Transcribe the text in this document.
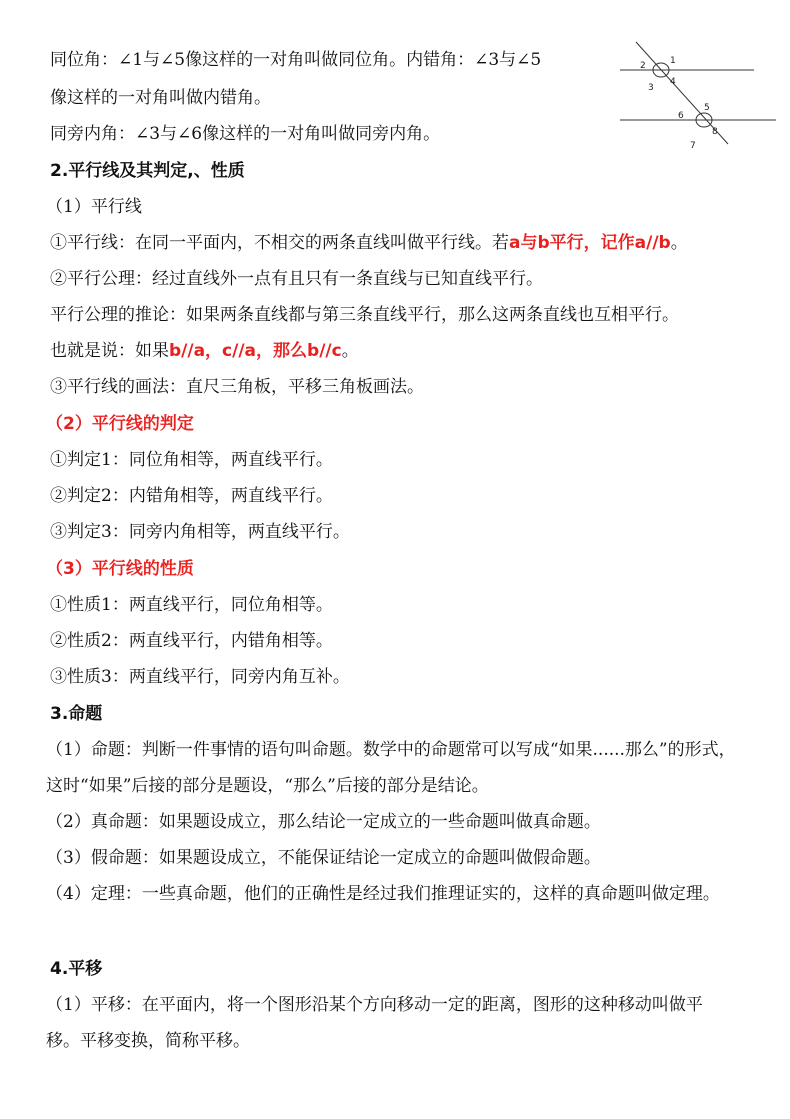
1
2
3
4
5
6
7
8
同位角：∠1与∠5像这样的一对角叫做同位角。内错角：∠3与∠5
像这样的一对角叫做内错角。
同旁内角：∠3与∠6像这样的一对角叫做同旁内角。
2.平行线及其判定,、性质
（1）平行线
①平行线：在同一平面内，不相交的两条直线叫做平行线。若a与b平行，记作a//b。
②平行公理：经过直线外一点有且只有一条直线与已知直线平行。
平行公理的推论：如果两条直线都与第三条直线平行，那么这两条直线也互相平行。
也就是说：如果b//a，c//a，那么b//c。
③平行线的画法：直尺三角板，平移三角板画法。
（2）平行线的判定
①判定1：同位角相等，两直线平行。
②判定2：内错角相等，两直线平行。
③判定3：同旁内角相等，两直线平行。
（3）平行线的性质
①性质1：两直线平行，同位角相等。
②性质2：两直线平行，内错角相等。
③性质3：两直线平行，同旁内角互补。
3.命题
（1）命题：判断一件事情的语句叫命题。数学中的命题常可以写成“如果......那么”的形式，这时“如果”后接的部分是题设，“那么”后接的部分是结论。
（2）真命题：如果题设成立，那么结论一定成立的一些命题叫做真命题。
（3）假命题：如果题设成立，不能保证结论一定成立的命题叫做假命题。
（4）定理：一些真命题，他们的正确性是经过我们推理证实的，这样的真命题叫做定理。
4.平移
（1）平移：在平面内，将一个图形沿某个方向移动一定的距离，图形的这种移动叫做平移。平移变换，简称平移。
